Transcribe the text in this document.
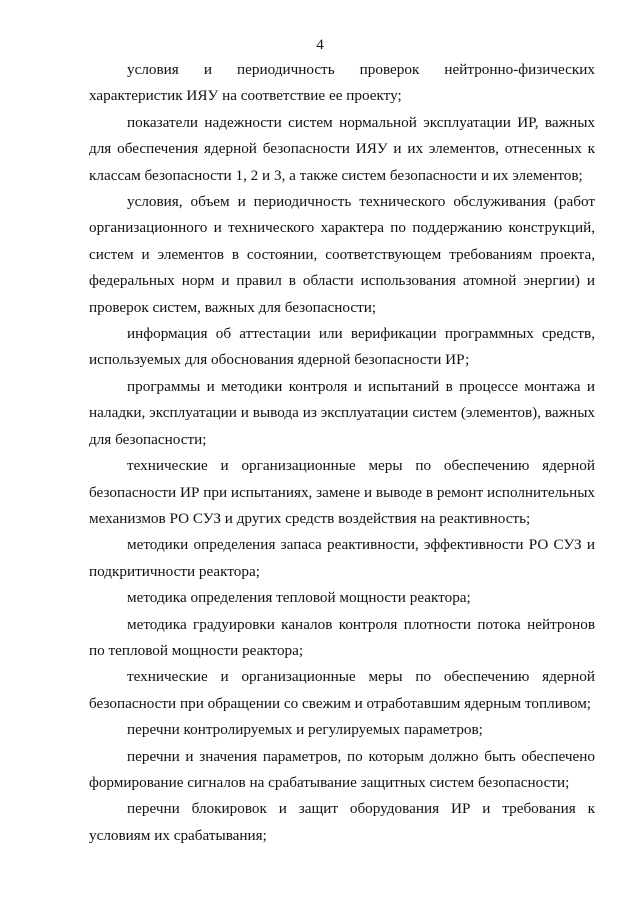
4

условия и периодичность проверок нейтронно-физических характеристик ИЯУ на соответствие ее проекту;

показатели надежности систем нормальной эксплуатации ИР, важных для обеспечения ядерной безопасности ИЯУ и их элементов, отнесенных к классам безопасности 1, 2 и 3, а также систем безопасности и их элементов;

условия, объем и периодичность технического обслуживания (работ организационного и технического характера по поддержанию конструкций, систем и элементов в состоянии, соответствующем требованиям проекта, федеральных норм и правил в области использования атомной энергии) и проверок систем, важных для безопасности;

информация об аттестации или верификации программных средств, используемых для обоснования ядерной безопасности ИР;

программы и методики контроля и испытаний в процессе монтажа и наладки, эксплуатации и вывода из эксплуатации систем (элементов), важных для безопасности;

технические и организационные меры по обеспечению ядерной безопасности ИР при испытаниях, замене и выводе в ремонт исполнительных механизмов РО СУЗ и других средств воздействия на реактивность;

методики определения запаса реактивности, эффективности РО СУЗ и подкритичности реактора;

методика определения тепловой мощности реактора;

методика градуировки каналов контроля плотности потока нейтронов по тепловой мощности реактора;

технические и организационные меры по обеспечению ядерной безопасности при обращении со свежим и отработавшим ядерным топливом;

перечни контролируемых и регулируемых параметров;

перечни и значения параметров, по которым должно быть обеспечено формирование сигналов на срабатывание защитных систем безопасности;

перечни блокировок и защит оборудования ИР и требования к условиям их срабатывания;
